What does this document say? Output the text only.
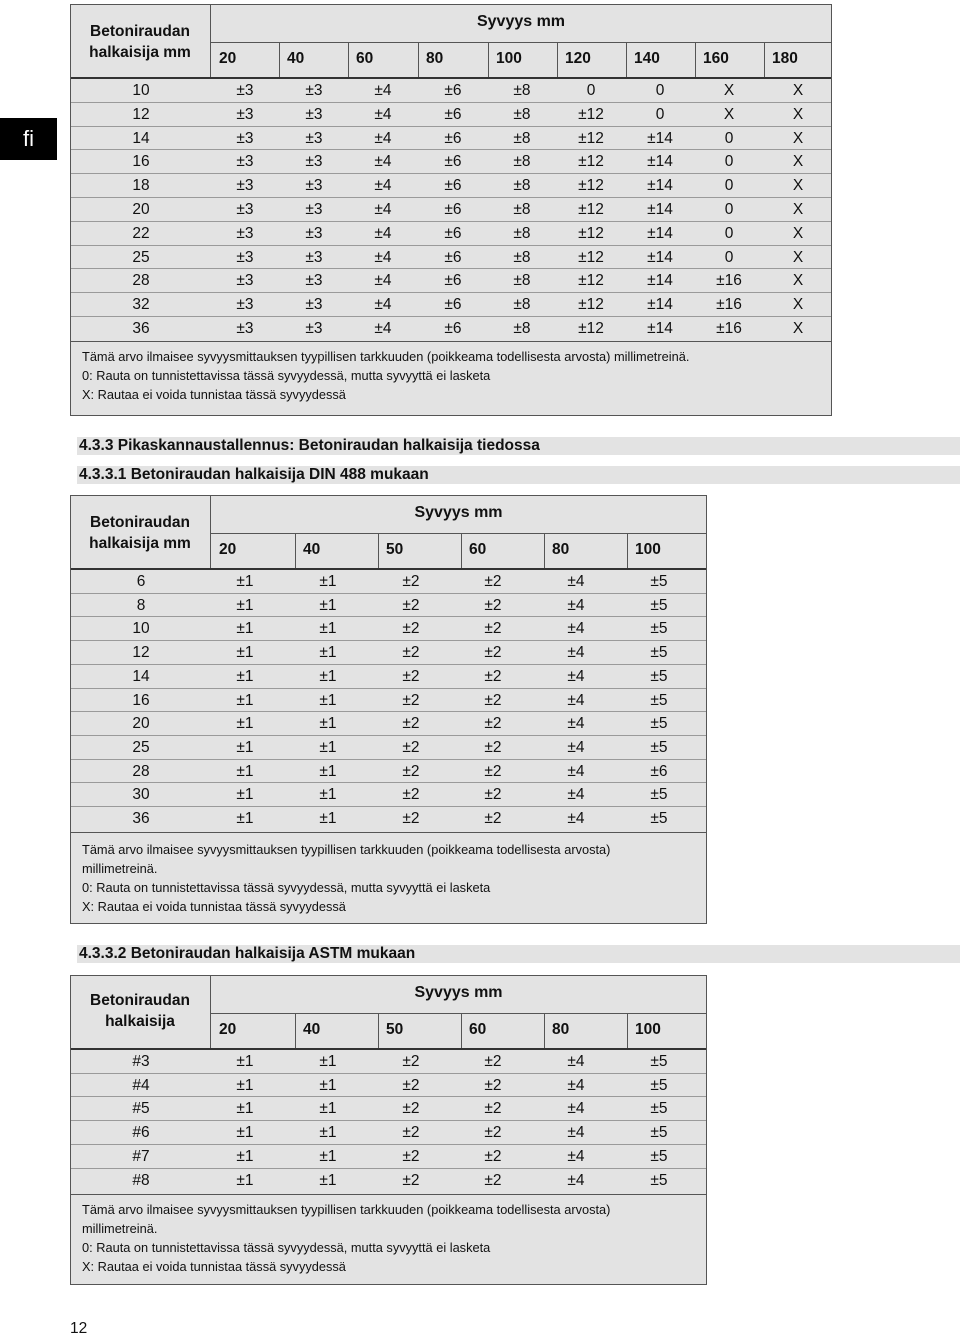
fi
Betoniraudan
halkaisija mm
Syvyys mm
20	40	60	80	100	120	140	160	180
10	±3	±3	±4	±6	±8	0	0	X	X
12	±3	±3	±4	±6	±8	±12	0	X	X
14	±3	±3	±4	±6	±8	±12	±14	0	X
16	±3	±3	±4	±6	±8	±12	±14	0	X
18	±3	±3	±4	±6	±8	±12	±14	0	X
20	±3	±3	±4	±6	±8	±12	±14	0	X
22	±3	±3	±4	±6	±8	±12	±14	0	X
25	±3	±3	±4	±6	±8	±12	±14	0	X
28	±3	±3	±4	±6	±8	±12	±14	±16	X
32	±3	±3	±4	±6	±8	±12	±14	±16	X
36	±3	±3	±4	±6	±8	±12	±14	±16	X
Tämä arvo ilmaisee syvyysmittauksen tyypillisen tarkkuuden (poikkeama todellisesta arvosta) millimetreinä.
0: Rauta on tunnistettavissa tässä syvyydessä, mutta syvyyttä ei lasketa
X: Rautaa ei voida tunnistaa tässä syvyydessä
4.3.3 Pikaskannaustallennus: Betoniraudan halkaisija tiedossa
4.3.3.1 Betoniraudan halkaisija DIN 488 mukaan
Betoniraudan
halkaisija mm
Syvyys mm
20	40	50	60	80	100
6	±1	±1	±2	±2	±4	±5
8	±1	±1	±2	±2	±4	±5
10	±1	±1	±2	±2	±4	±5
12	±1	±1	±2	±2	±4	±5
14	±1	±1	±2	±2	±4	±5
16	±1	±1	±2	±2	±4	±5
20	±1	±1	±2	±2	±4	±5
25	±1	±1	±2	±2	±4	±5
28	±1	±1	±2	±2	±4	±6
30	±1	±1	±2	±2	±4	±5
36	±1	±1	±2	±2	±4	±5
Tämä arvo ilmaisee syvyysmittauksen tyypillisen tarkkuuden (poikkeama todellisesta arvosta)
millimetreinä.
0: Rauta on tunnistettavissa tässä syvyydessä, mutta syvyyttä ei lasketa
X: Rautaa ei voida tunnistaa tässä syvyydessä
4.3.3.2 Betoniraudan halkaisija ASTM mukaan
Betoniraudan
halkaisija
Syvyys mm
20	40	50	60	80	100
#3	±1	±1	±2	±2	±4	±5
#4	±1	±1	±2	±2	±4	±5
#5	±1	±1	±2	±2	±4	±5
#6	±1	±1	±2	±2	±4	±5
#7	±1	±1	±2	±2	±4	±5
#8	±1	±1	±2	±2	±4	±5
Tämä arvo ilmaisee syvyysmittauksen tyypillisen tarkkuuden (poikkeama todellisesta arvosta)
millimetreinä.
0: Rauta on tunnistettavissa tässä syvyydessä, mutta syvyyttä ei lasketa
X: Rautaa ei voida tunnistaa tässä syvyydessä
12
